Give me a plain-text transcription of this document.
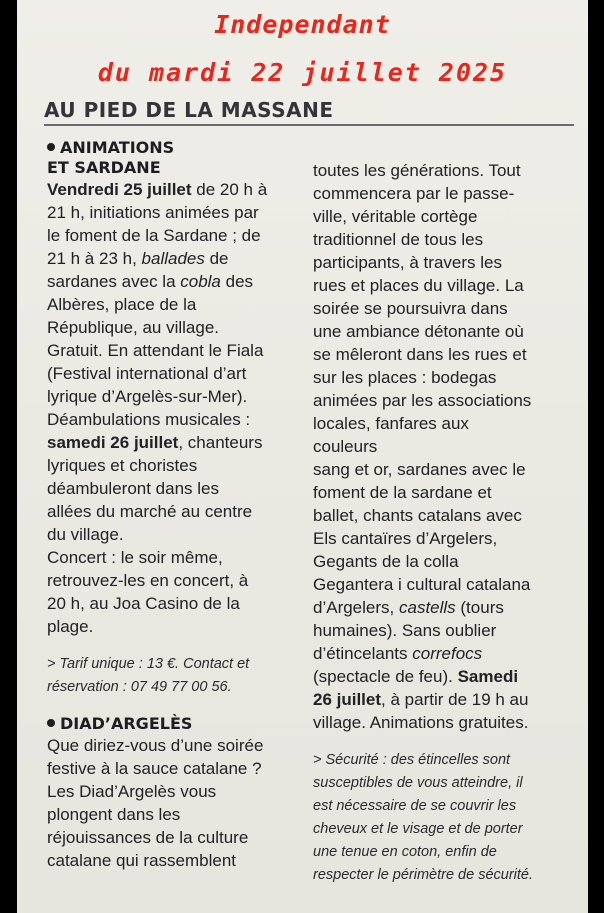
Independant
du mardi 22 juillet 2025
AU PIED DE LA MASSANE
ANIMATIONS
ET SARDANE
Vendredi 25 juillet de 20 h à
21 h, initiations animées par
le foment de la Sardane ; de
21 h à 23 h, ballades de
sardanes avec la cobla des
Albères, place de la
République, au village.
Gratuit. En attendant le Fiala
(Festival international d’art
lyrique d’Argelès-sur-Mer).
Déambulations musicales :
samedi 26 juillet, chanteurs
lyriques et choristes
déambuleront dans les
allées du marché au centre
du village.
Concert : le soir même,
retrouvez-les en concert, à
20 h, au Joa Casino de la
plage.
> Tarif unique : 13 €. Contact et
réservation : 07 49 77 00 56.
DIAD’ARGELÈS
Que diriez-vous d’une soirée
festive à la sauce catalane ?
Les Diad’Argelès vous
plongent dans les
réjouissances de la culture
catalane qui rassemblent
toutes les générations. Tout
commencera par le passe-
ville, véritable cortège
traditionnel de tous les
participants, à travers les
rues et places du village. La
soirée se poursuivra dans
une ambiance détonante où
se mêleront dans les rues et
sur les places : bodegas
animées par les associations
locales, fanfares aux
couleurs
sang et or, sardanes avec le
foment de la sardane et
ballet, chants catalans avec
Els cantaïres d’Argelers,
Gegants de la colla
Gegantera i cultural catalana
d’Argelers, castells (tours
humaines). Sans oublier
d’étincelants correfocs
(spectacle de feu). Samedi
26 juillet, à partir de 19 h au
village. Animations gratuites.
> Sécurité : des étincelles sont
susceptibles de vous atteindre, il
est nécessaire de se couvrir les
cheveux et le visage et de porter
une tenue en coton, enfin de
respecter le périmètre de sécurité.
